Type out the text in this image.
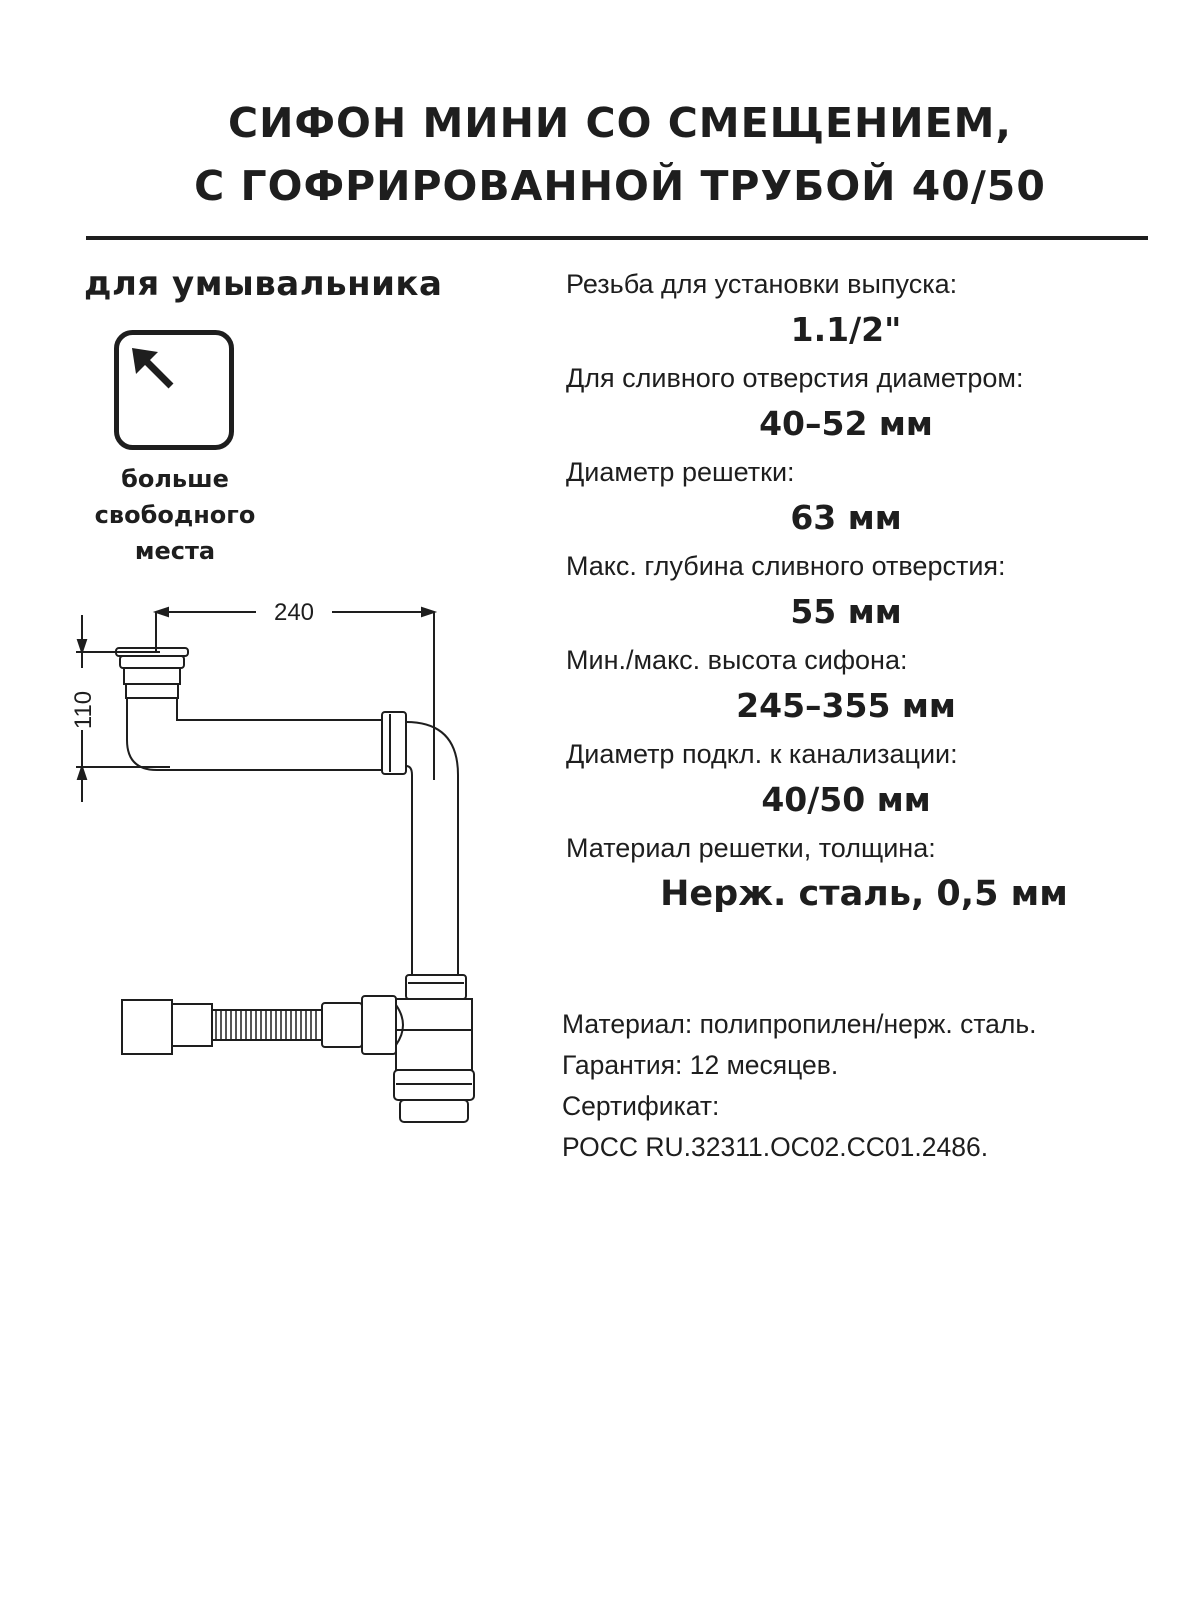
СИФОН МИНИ СО СМЕЩЕНИЕМ,
С ГОФРИРОВАННОЙ ТРУБОЙ 40/50
для умывальника
больше
свободного
места
240
110
Резьба для установки выпуска:
1.1/2"
Для сливного отверстия диаметром:
40–52 мм
Диаметр решетки:
63 мм
Макс. глубина сливного отверстия:
55 мм
Мин./макс. высота сифона:
245–355 мм
Диаметр подкл. к канализации:
40/50 мм
Материал решетки, толщина:
Нерж. сталь, 0,5 мм
Материал: полипропилен/нерж. сталь.
Гарантия: 12 месяцев.
Сертификат:
РОСС RU.32311.ОС02.СС01.2486.
